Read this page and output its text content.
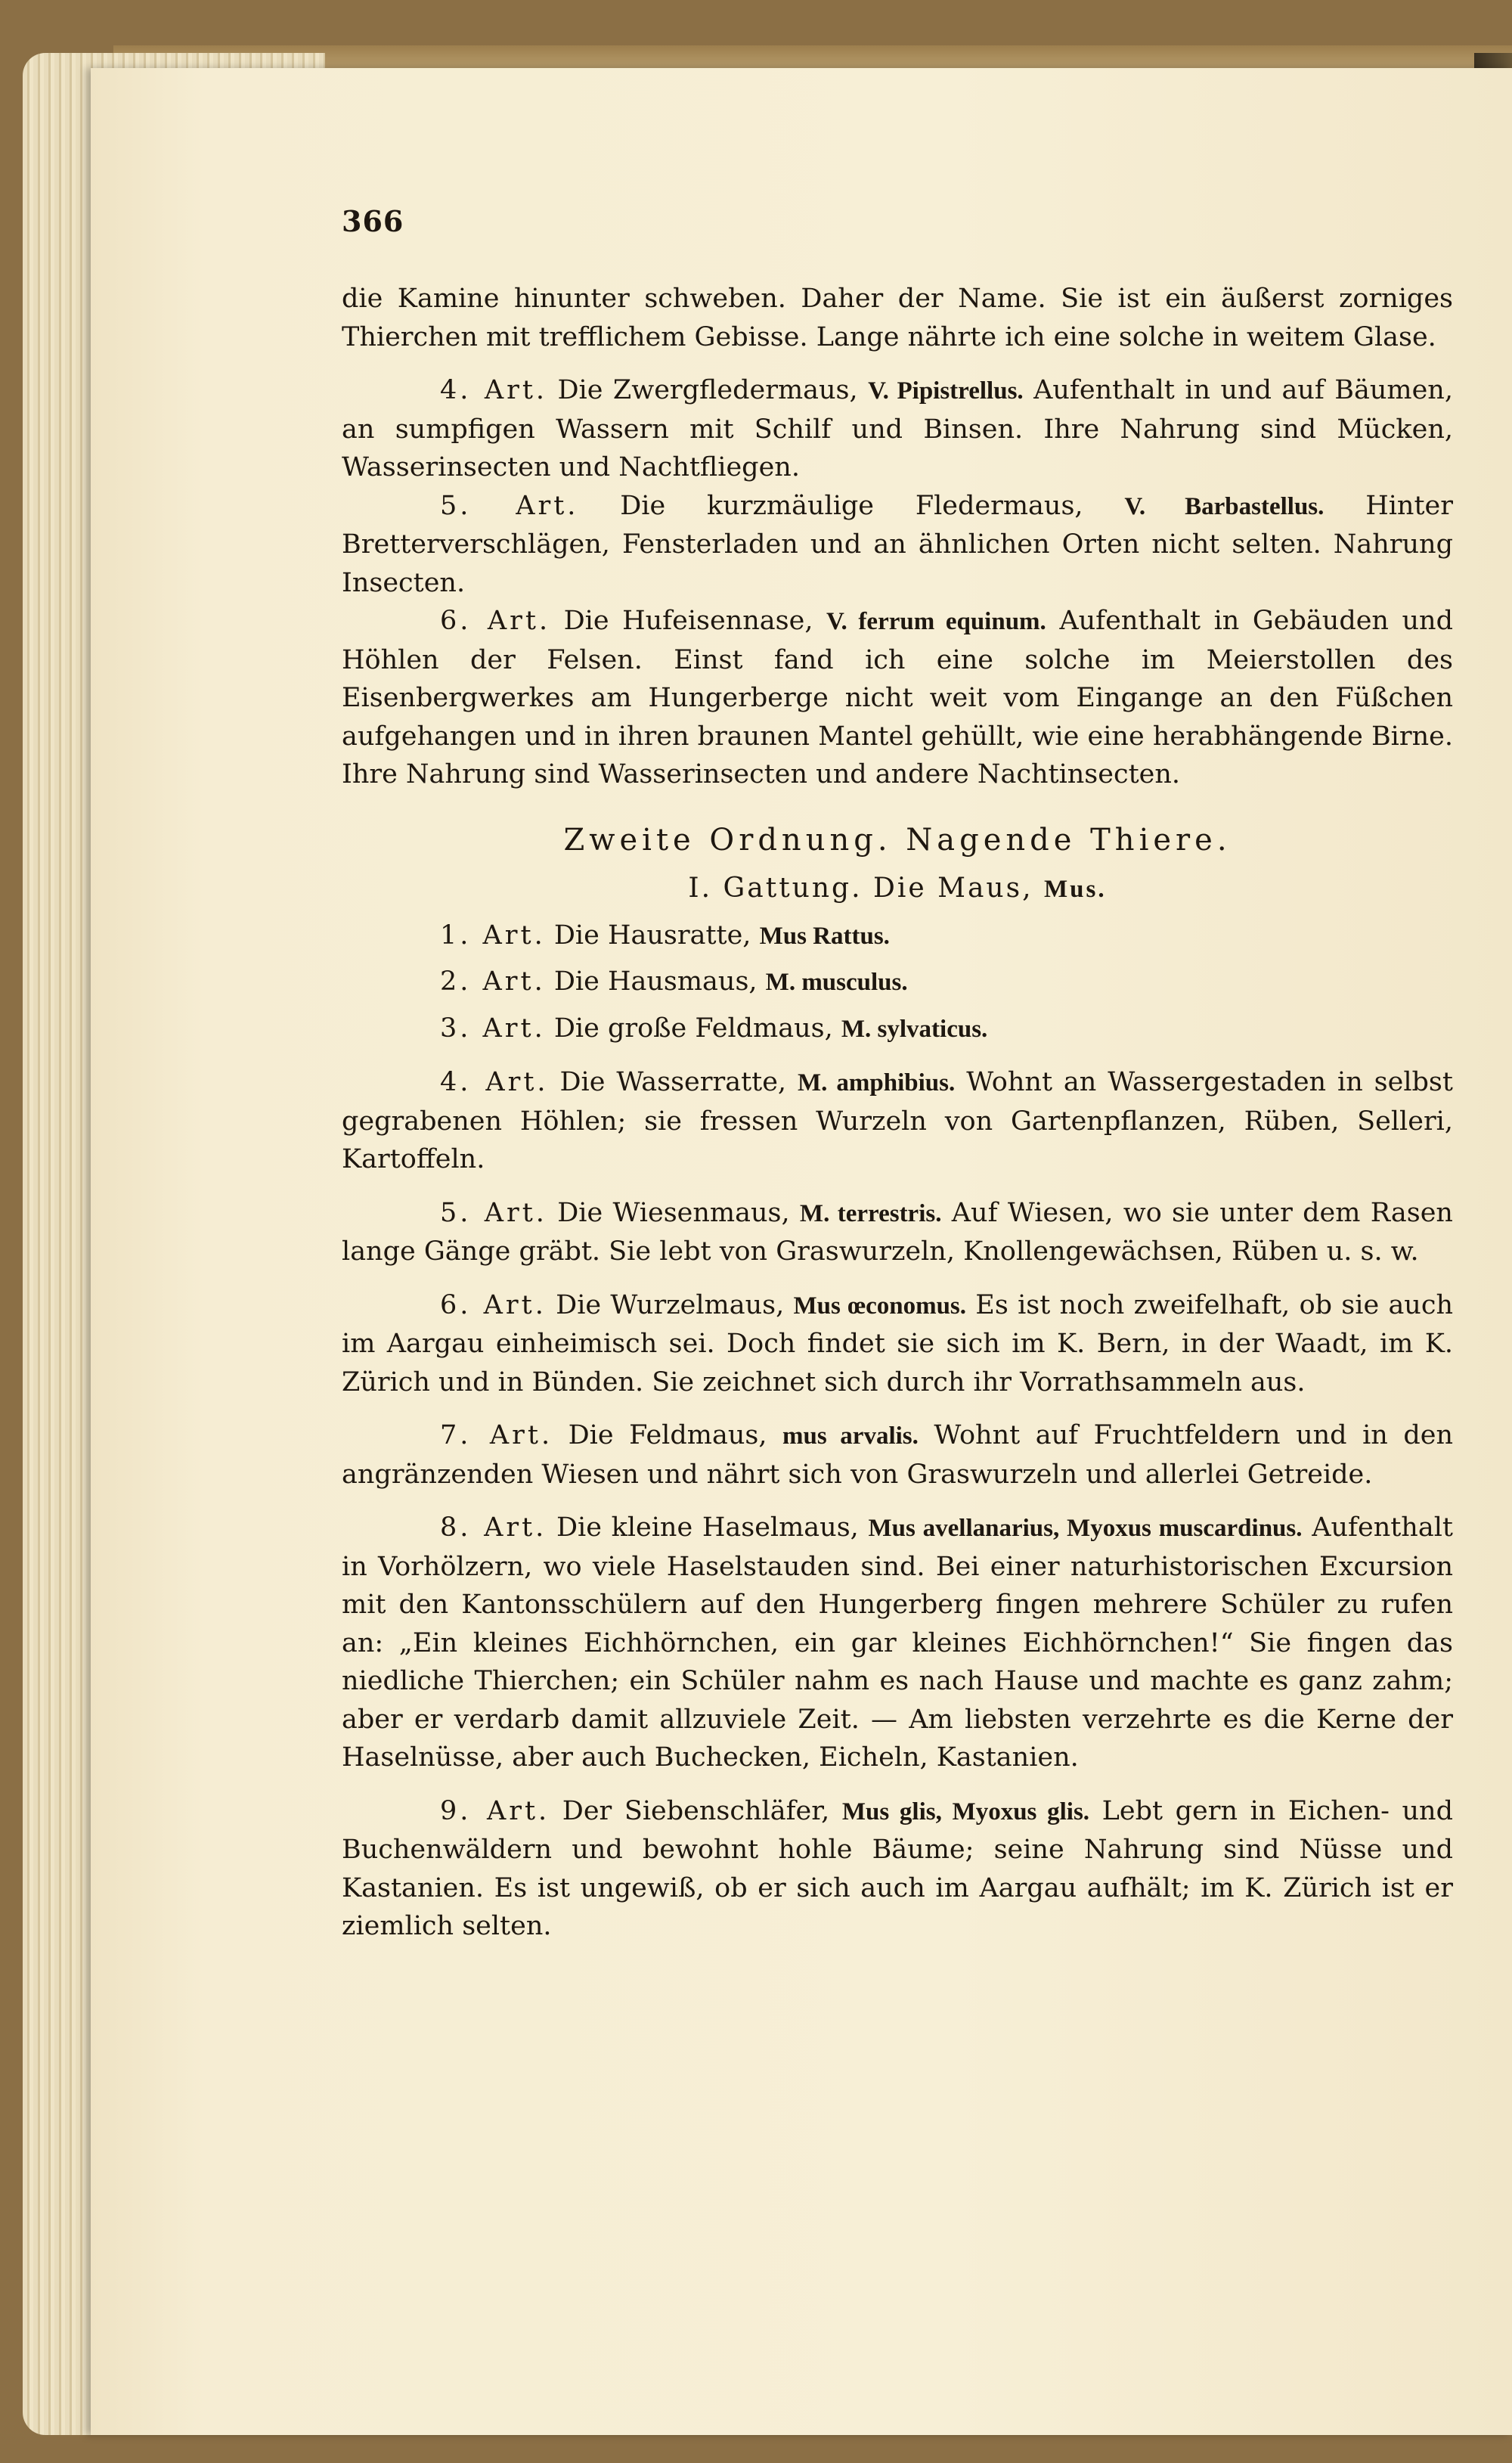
366

die Kamine hinunter schweben. Daher der Name. Sie ist ein äußerst zorniges Thierchen mit trefflichem Gebisse. Lange nährte ich eine solche in weitem Glase.

4. Art. Die Zwergfledermaus, V. Pipistrellus. Aufenthalt in und auf Bäumen, an sumpfigen Wassern mit Schilf und Binsen. Ihre Nahrung sind Mücken, Wasserinsecten und Nachtfliegen.

5. Art. Die kurzmäulige Fledermaus, V. Barbastellus. Hinter Bretterverschlägen, Fensterladen und an ähnlichen Orten nicht selten. Nahrung Insecten.

6. Art. Die Hufeisennase, V. ferrum equinum. Aufenthalt in Gebäuden und Höhlen der Felsen. Einst fand ich eine solche im Meierstollen des Eisenbergwerkes am Hungerberge nicht weit vom Eingange an den Füßchen aufgehangen und in ihren braunen Mantel gehüllt, wie eine herabhängende Birne. Ihre Nahrung sind Wasserinsecten und andere Nachtinsecten.

Zweite Ordnung. Nagende Thiere.

I. Gattung. Die Maus, Mus.

1. Art. Die Hausratte, Mus Rattus.

2. Art. Die Hausmaus, M. musculus.

3. Art. Die große Feldmaus, M. sylvaticus.

4. Art. Die Wasserratte, M. amphibius. Wohnt an Wassergestaden in selbst gegrabenen Höhlen; sie fressen Wurzeln von Gartenpflanzen, Rüben, Selleri, Kartoffeln.

5. Art. Die Wiesenmaus, M. terrestris. Auf Wiesen, wo sie unter dem Rasen lange Gänge gräbt. Sie lebt von Graswurzeln, Knollengewächsen, Rüben u. s. w.

6. Art. Die Wurzelmaus, Mus œconomus. Es ist noch zweifelhaft, ob sie auch im Aargau einheimisch sei. Doch findet sie sich im K. Bern, in der Waadt, im K. Zürich und in Bünden. Sie zeichnet sich durch ihr Vorrathsammeln aus.

7. Art. Die Feldmaus, mus arvalis. Wohnt auf Fruchtfeldern und in den angränzenden Wiesen und nährt sich von Graswurzeln und allerlei Getreide.

8. Art. Die kleine Haselmaus, Mus avellanarius, Myoxus muscardinus. Aufenthalt in Vorhölzern, wo viele Haselstauden sind. Bei einer naturhistorischen Excursion mit den Kantonsschülern auf den Hungerberg fingen mehrere Schüler zu rufen an: „Ein kleines Eichhörnchen, ein gar kleines Eichhörnchen!“ Sie fingen das niedliche Thierchen; ein Schüler nahm es nach Hause und machte es ganz zahm; aber er verdarb damit allzuviele Zeit. — Am liebsten verzehrte es die Kerne der Haselnüsse, aber auch Buchecken, Eicheln, Kastanien.

9. Art. Der Siebenschläfer, Mus glis, Myoxus glis. Lebt gern in Eichen- und Buchenwäldern und bewohnt hohle Bäume; seine Nahrung sind Nüsse und Kastanien. Es ist ungewiß, ob er sich auch im Aargau aufhält; im K. Zürich ist er ziemlich selten.
